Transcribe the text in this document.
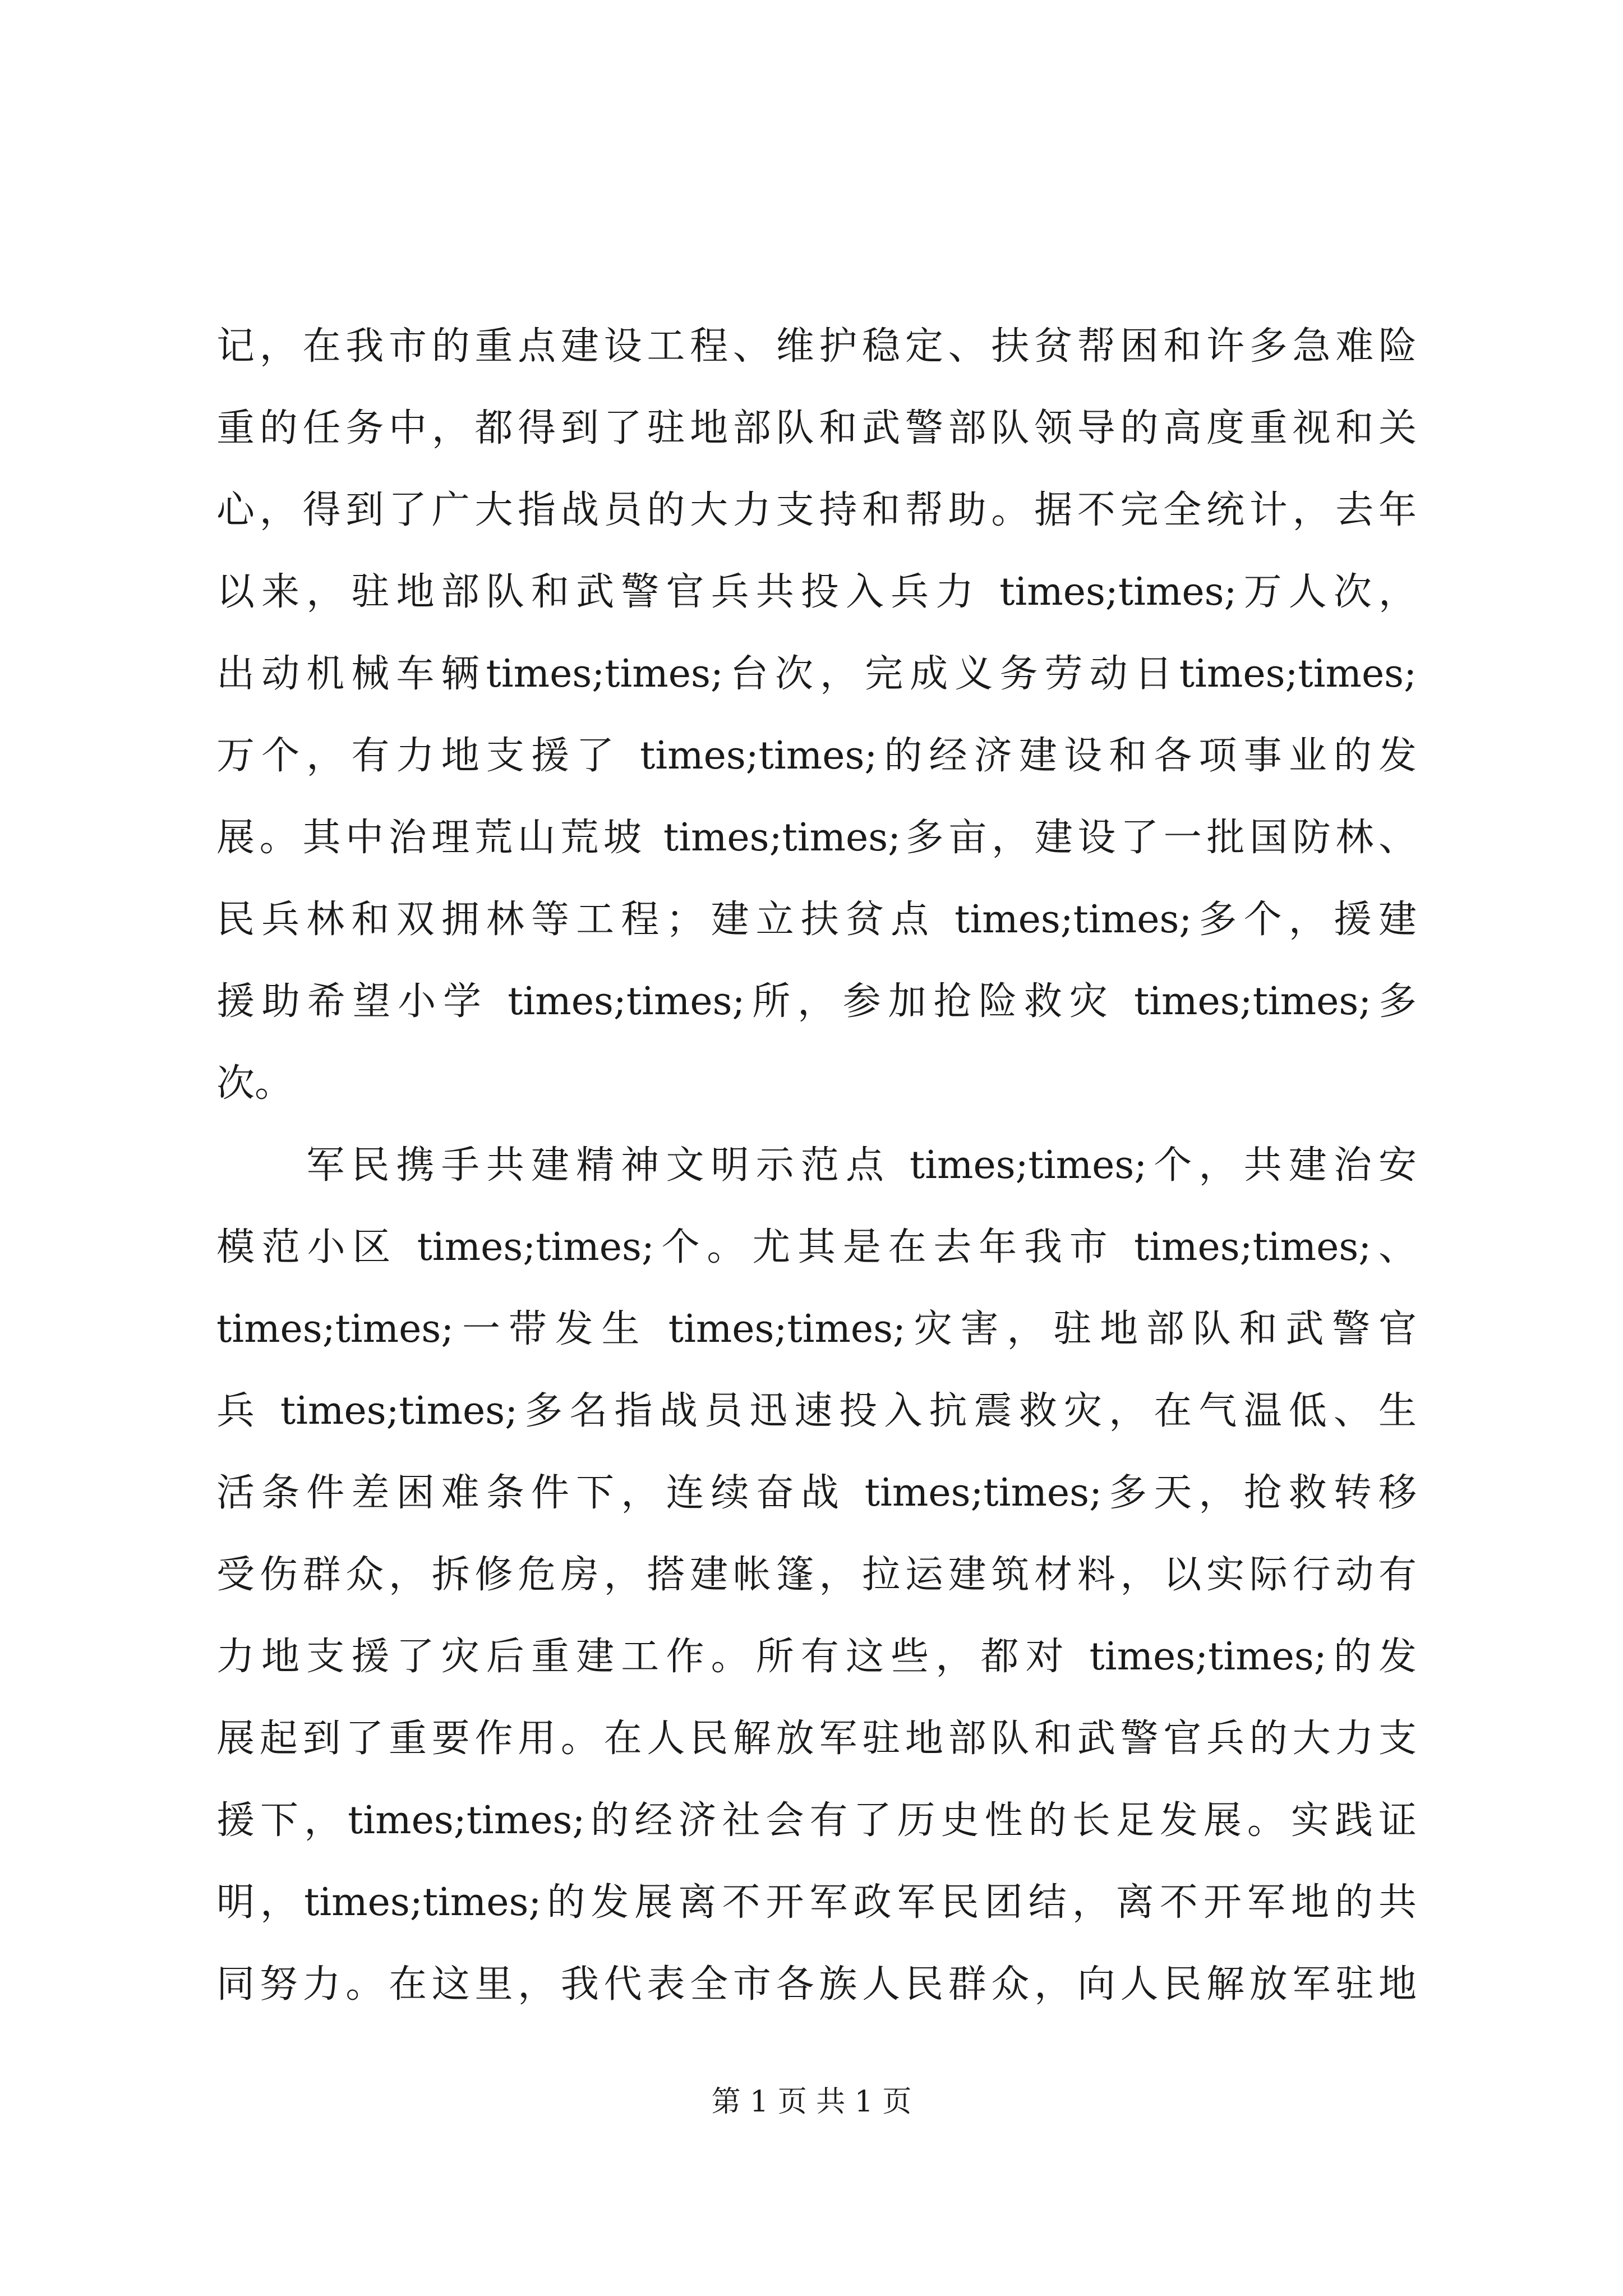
记，在我市的重点建设工程、维护稳定、扶贫帮困和许多急难险
重的任务中，都得到了驻地部队和武警部队领导的高度重视和关
心，得到了广大指战员的大力支持和帮助。据不完全统计，去年
以来，驻地部队和武警官兵共投入兵力 times;times;万人次，
出动机械车辆times;times;台次，完成义务劳动日times;times;
万个，有力地支援了 times;times;的经济建设和各项事业的发
展。其中治理荒山荒坡 times;times;多亩，建设了一批国防林、
民兵林和双拥林等工程；建立扶贫点 times;times;多个，援建
援助希望小学 times;times;所，参加抢险救灾 times;times;多
次。
　　军民携手共建精神文明示范点 times;times;个，共建治安
模范小区 times;times;个。尤其是在去年我市 times;times;、
times;times;一带发生 times;times;灾害，驻地部队和武警官
兵 times;times;多名指战员迅速投入抗震救灾，在气温低、生
活条件差困难条件下，连续奋战 times;times;多天，抢救转移
受伤群众，拆修危房，搭建帐篷，拉运建筑材料，以实际行动有
力地支援了灾后重建工作。所有这些，都对 times;times;的发
展起到了重要作用。在人民解放军驻地部队和武警官兵的大力支
援下，times;times;的经济社会有了历史性的长足发展。实践证
明，times;times;的发展离不开军政军民团结，离不开军地的共
同努力。在这里，我代表全市各族人民群众，向人民解放军驻地
第 1 页 共 1 页
